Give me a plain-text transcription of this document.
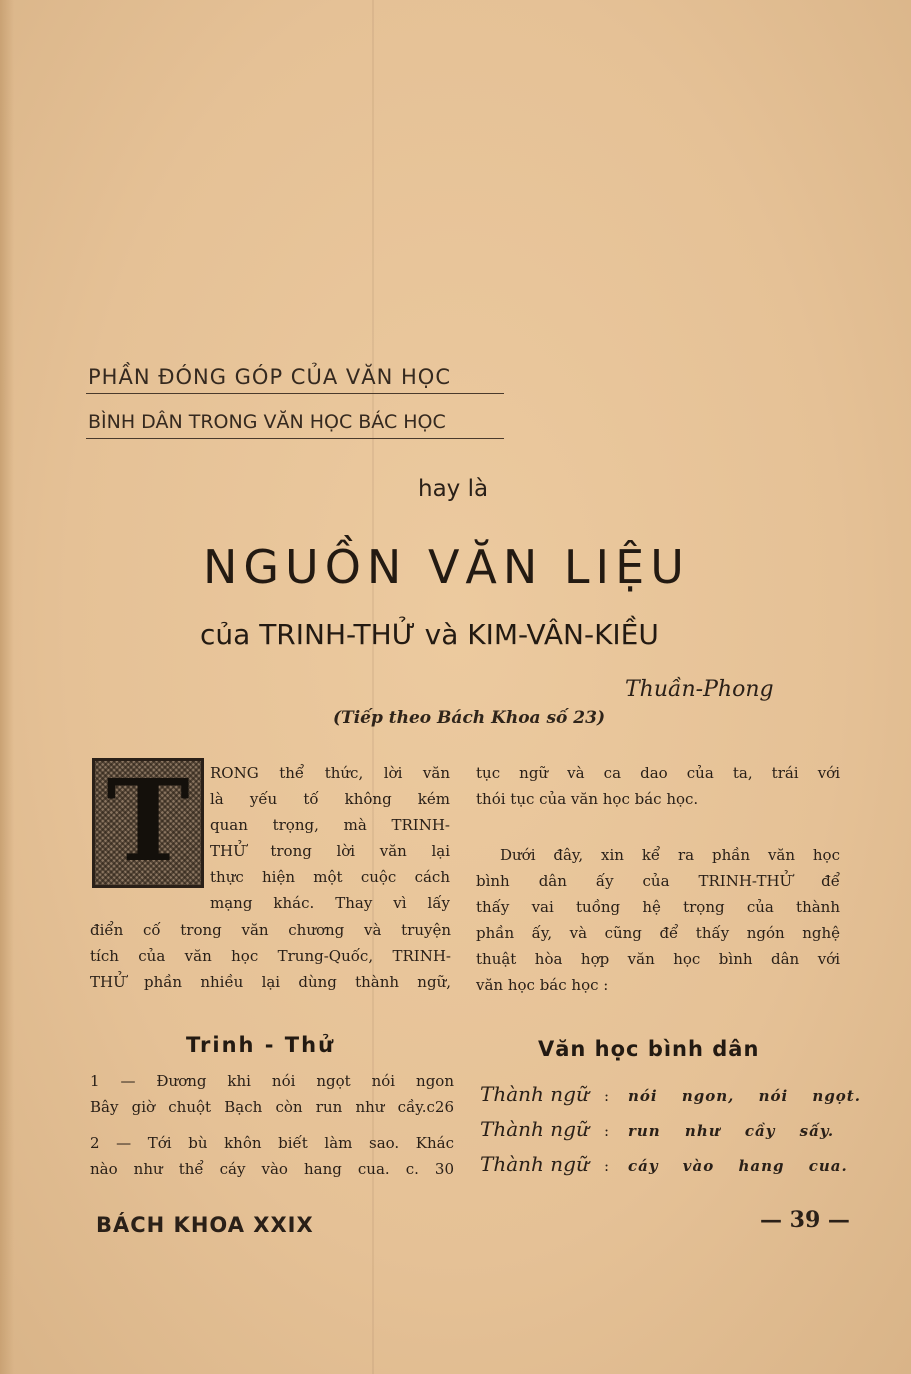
PHẦN ĐÓNG GÓP CỦA VĂN HỌC
BÌNH DÂN TRONG VĂN HỌC BÁC HỌC
hay là
NGUỒN VĂN LIỆU
của TRINH-THỬ và KIM-VÂN-KIỀU
Thuần-Phong
(Tiếp theo Bách Khoa số 23)
T	RONG thể thức, lời văn

là yếu tố không kém

quan trọng, mà TRINH-

THỬ trong lời văn lại

thực hiện một cuộc cách

mạng khác. Thay vì lấy

điển cố trong văn chương và truyện

tích của văn học Trung-Quốc, TRINH-

THỬ phần nhiều lại dùng thành ngữ,

tục ngữ và ca dao của ta, trái với

thói tục của văn học bác học.

Dưới đây, xin kể ra phần văn học

bình dân ấy của TRINH-THỬ để

thấy vai tuồng hệ trọng của thành

phần ấy, và cũng để thấy ngón nghệ

thuật hòa hợp văn học bình dân với

văn học bác học :

Trinh - Thử	Văn học bình dân

1 — Đương khi nói ngọt nói ngon

Bây giờ chuột Bạch còn run như cầy.c26

2 — Tới bù khôn biết làm sao. Khác

nào như thể cáy vào hang cua. c. 30

Thành ngữ : nói ngon, nói ngọt.
Thành ngữ : run như cầy sấy.
Thành ngữ : cáy vào hang cua.
BÁCH KHOA XXIX	— 39 —
